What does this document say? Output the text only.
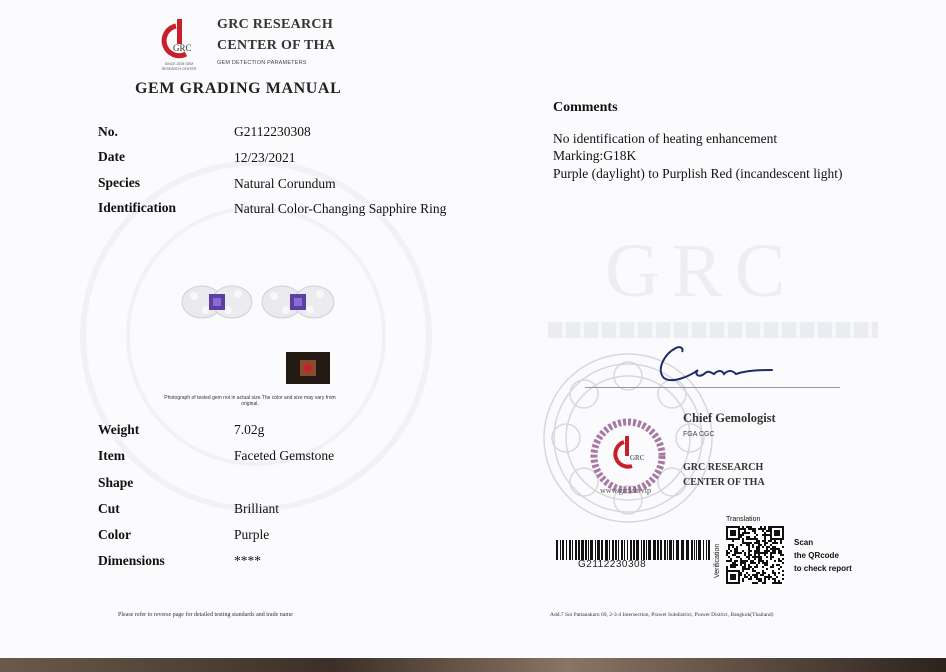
GRC
GRC
SINCE 2005 GEM RESEARCH CENTER
GRC RESEARCH
CENTER OF THA
GEM DETECTION PARAMETERS
GEM GRADING MANUAL
No.	G2112230308
Date	12/23/2021
Species	Natural Corundum
Identification	Natural Color-Changing Sapphire Ring
Photograph of tested gem not in actual size.The color and size may vary from original.
Weight	7.02g
Item	Faceted Gemstone
Shape
Cut	Brilliant
Color	Purple
Dimensions	****
Comments
No identification of heating enhancement
Marking:G18K
Purple (daylight) to Purplish Red (incandescent light)
GRC
www.grclab.vip
Chief Gemologist
FGA CGC
GRC RESEARCH
CENTER OF THA
G2112230308	Verification
Translation
Scan
the QRcode
to check report
Please refer to reverse page for detailed testing standards and trade name	Add.7 Soi Pattanakarn 69, 2-3-4 Intersection, Prawet Subdistrict, Prawet District, Bangkok(Thailand)
